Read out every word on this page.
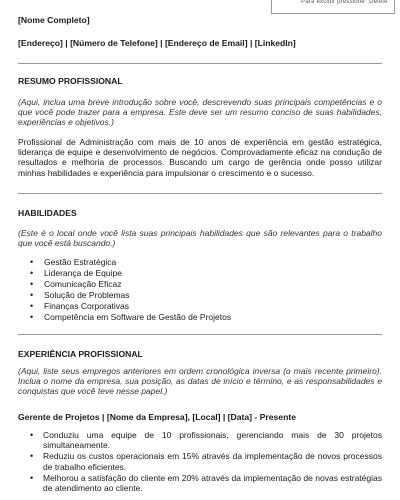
Para excluir pressione "Delete"
[Nome Completo]
[Endereço] | [Número de Telefone] | [Endereço de Email] | [LinkedIn]
RESUMO PROFISSIONAL
(Aqui, inclua uma breve introdução sobre você, descrevendo suas principais competências e o que você pode trazer para a empresa. Este deve ser um resumo conciso de suas habilidades, experiências e objetivos.)
Profissional de Administração com mais de 10 anos de experiência em gestão estratégica, liderança de equipe e desenvolvimento de negócios. Comprovadamente eficaz na condução de resultados e melhoria de processos. Buscando um cargo de gerência onde posso utilizar minhas habilidades e experiência para impulsionar o crescimento e o sucesso.
HABILIDADES
(Este é o local onde você lista suas principais habilidades que são relevantes para o trabalho que você está buscando.)
• Gestão Estratégica
• Liderança de Equipe
• Comunicação Eficaz
• Solução de Problemas
• Finanças Corporativas
• Competência em Software de Gestão de Projetos
EXPERIÊNCIA PROFISSIONAL
(Aqui, liste seus empregos anteriores em ordem cronológica inversa (o mais recente primeiro). Inclua o nome da empresa, sua posição, as datas de início e término, e as responsabilidades e conquistas que você teve nesse papel.)
Gerente de Projetos | [Nome da Empresa], [Local] | [Data] - Presente
• Conduziu uma equipe de 10 profissionais, gerenciando mais de 30 projetos simultaneamente.
• Reduziu os custos operacionais em 15% através da implementação de novos processos de trabalho eficientes.
• Melhorou a satisfação do cliente em 20% através da implementação de novas estratégias de atendimento ao cliente.
